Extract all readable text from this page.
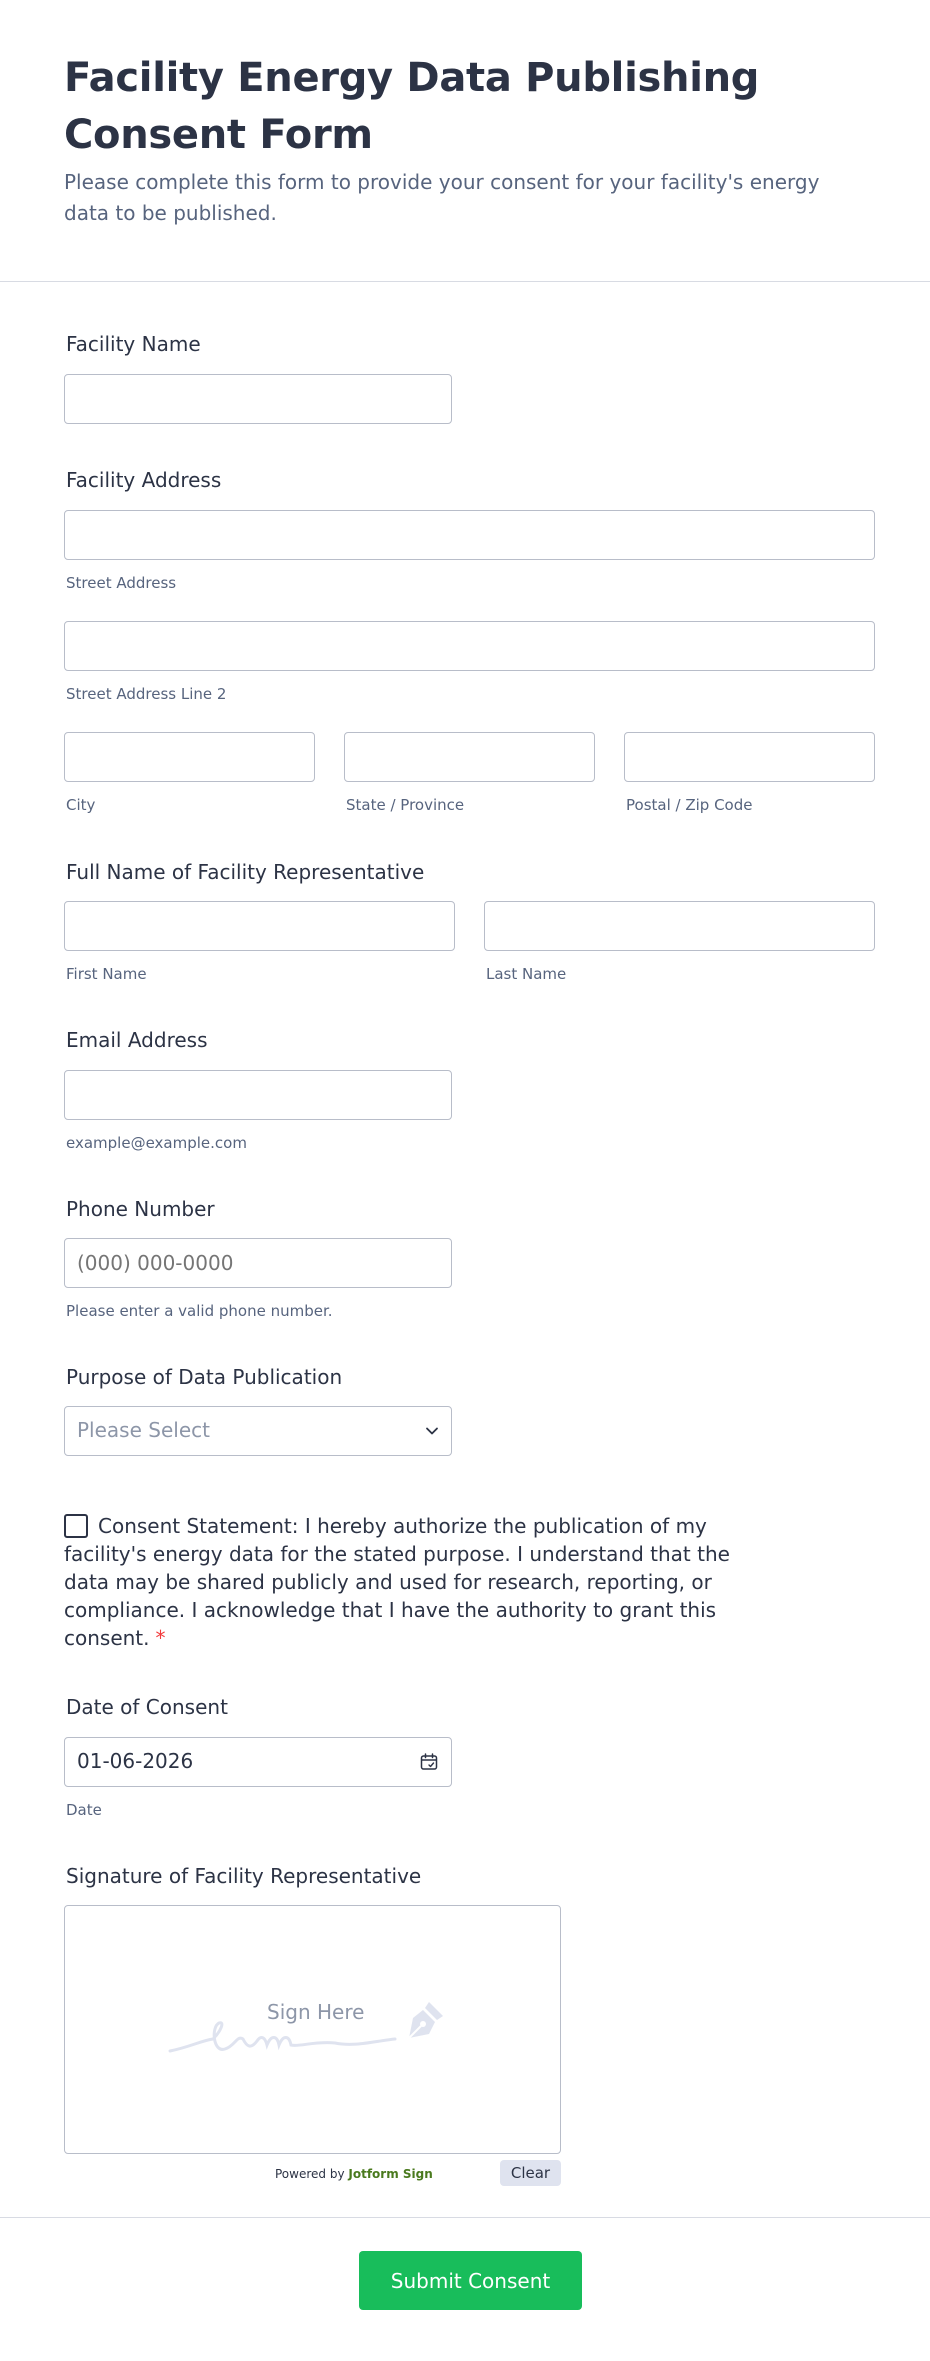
Facility Energy Data Publishing Consent Form

Please complete this form to provide your consent for your facility's energy data to be published.

Facility Name
Facility Address
Street Address
Street Address Line 2
City	State / Province	Postal / Zip Code
Full Name of Facility Representative
First Name	Last Name
Email Address
example@example.com
Phone Number
(000) 000-0000
Please enter a valid phone number.
Purpose of Data Publication
Please Select
Consent Statement: I hereby authorize the publication of my facility's energy data for the stated purpose. I understand that the data may be shared publicly and used for research, reporting, or compliance. I acknowledge that I have the authority to grant this consent. *
Date of Consent
01-06-2026
Date
Signature of Facility Representative
Sign Here
Powered by Jotform Sign	Clear
Submit Consent
